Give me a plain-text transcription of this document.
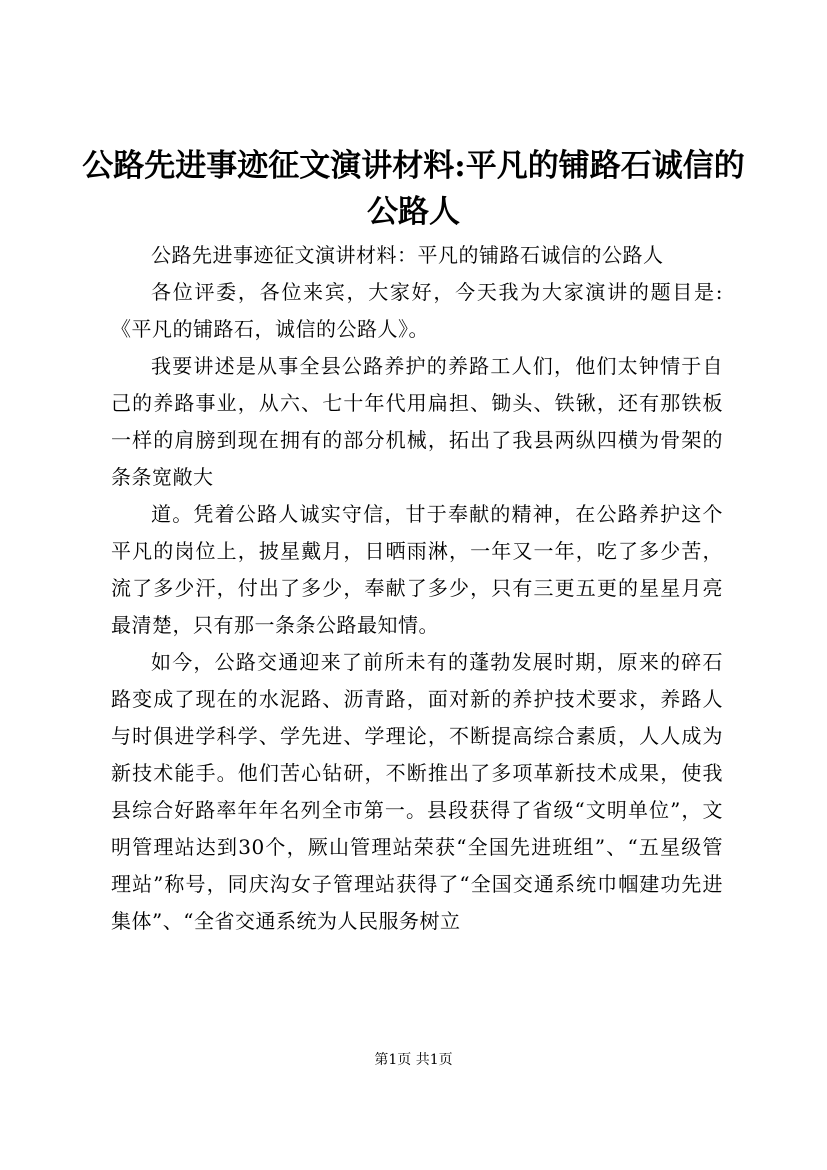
公路先进事迹征文演讲材料:平凡的铺路石诚信的公路人

公路先进事迹征文演讲材料：平凡的铺路石诚信的公路人

各位评委，各位来宾，大家好，今天我为大家演讲的题目是:《平凡的铺路石，诚信的公路人》。

我要讲述是从事全县公路养护的养路工人们，他们太钟情于自己的养路事业，从六、七十年代用扁担、锄头、铁锹，还有那铁板一样的肩膀到现在拥有的部分机械，拓出了我县两纵四横为骨架的条条宽敞大

道。凭着公路人诚实守信，甘于奉献的精神，在公路养护这个平凡的岗位上，披星戴月，日晒雨淋，一年又一年，吃了多少苦，流了多少汗，付出了多少，奉献了多少，只有三更五更的星星月亮最清楚，只有那一条条公路最知情。

如今，公路交通迎来了前所未有的蓬勃发展时期，原来的碎石路变成了现在的水泥路、沥青路，面对新的养护技术要求，养路人与时俱进学科学、学先进、学理论，不断提高综合素质，人人成为新技术能手。他们苦心钻研，不断推出了多项革新技术成果，使我县综合好路率年年名列全市第一。县段获得了省级“文明单位”，文明管理站达到30个，厥山管理站荣获“全国先进班组”、“五星级管理站”称号，同庆沟女子管理站获得了“全国交通系统巾帼建功先进集体”、“全省交通系统为人民服务树立

第1页 共1页
